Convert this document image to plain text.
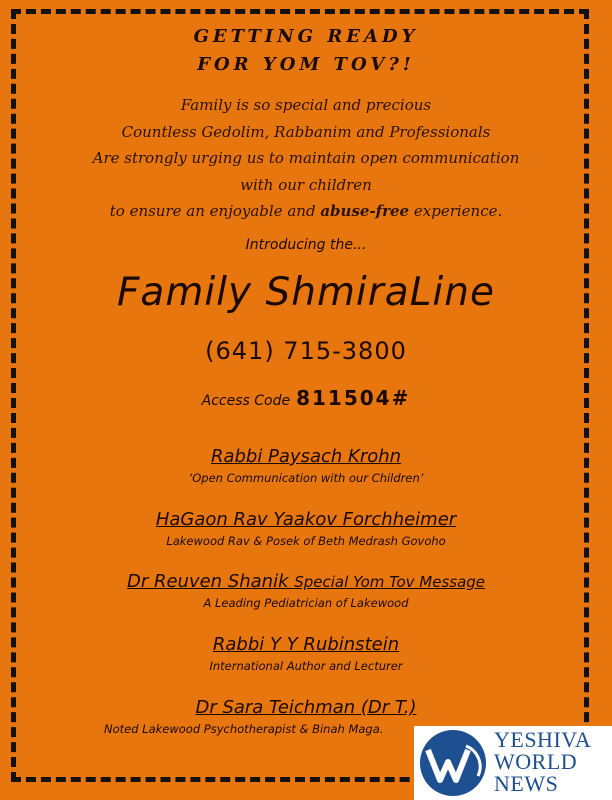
GETTING READY
FOR YOM TOV?!
Family is so special and precious
Countless Gedolim, Rabbanim and Professionals
Are strongly urging us to maintain open communication
with our children
to ensure an enjoyable and abuse-free experience.
Introducing the...
Family ShmiraLine
(641) 715-3800
Access Code 811504#
Rabbi Paysach Krohn
‘Open Communication with our Children’
HaGaon Rav Yaakov Forchheimer
Lakewood Rav & Posek of Beth Medrash Govoho
Dr Reuven Shanik Special Yom Tov Message
A Leading Pediatrician of Lakewood
Rabbi Y Y Rubinstein
International Author and Lecturer
Dr Sara Teichman (Dr T.)
Noted Lakewood Psychotherapist & Binah Maga.	YESHIVA
WORLD
NEWS
